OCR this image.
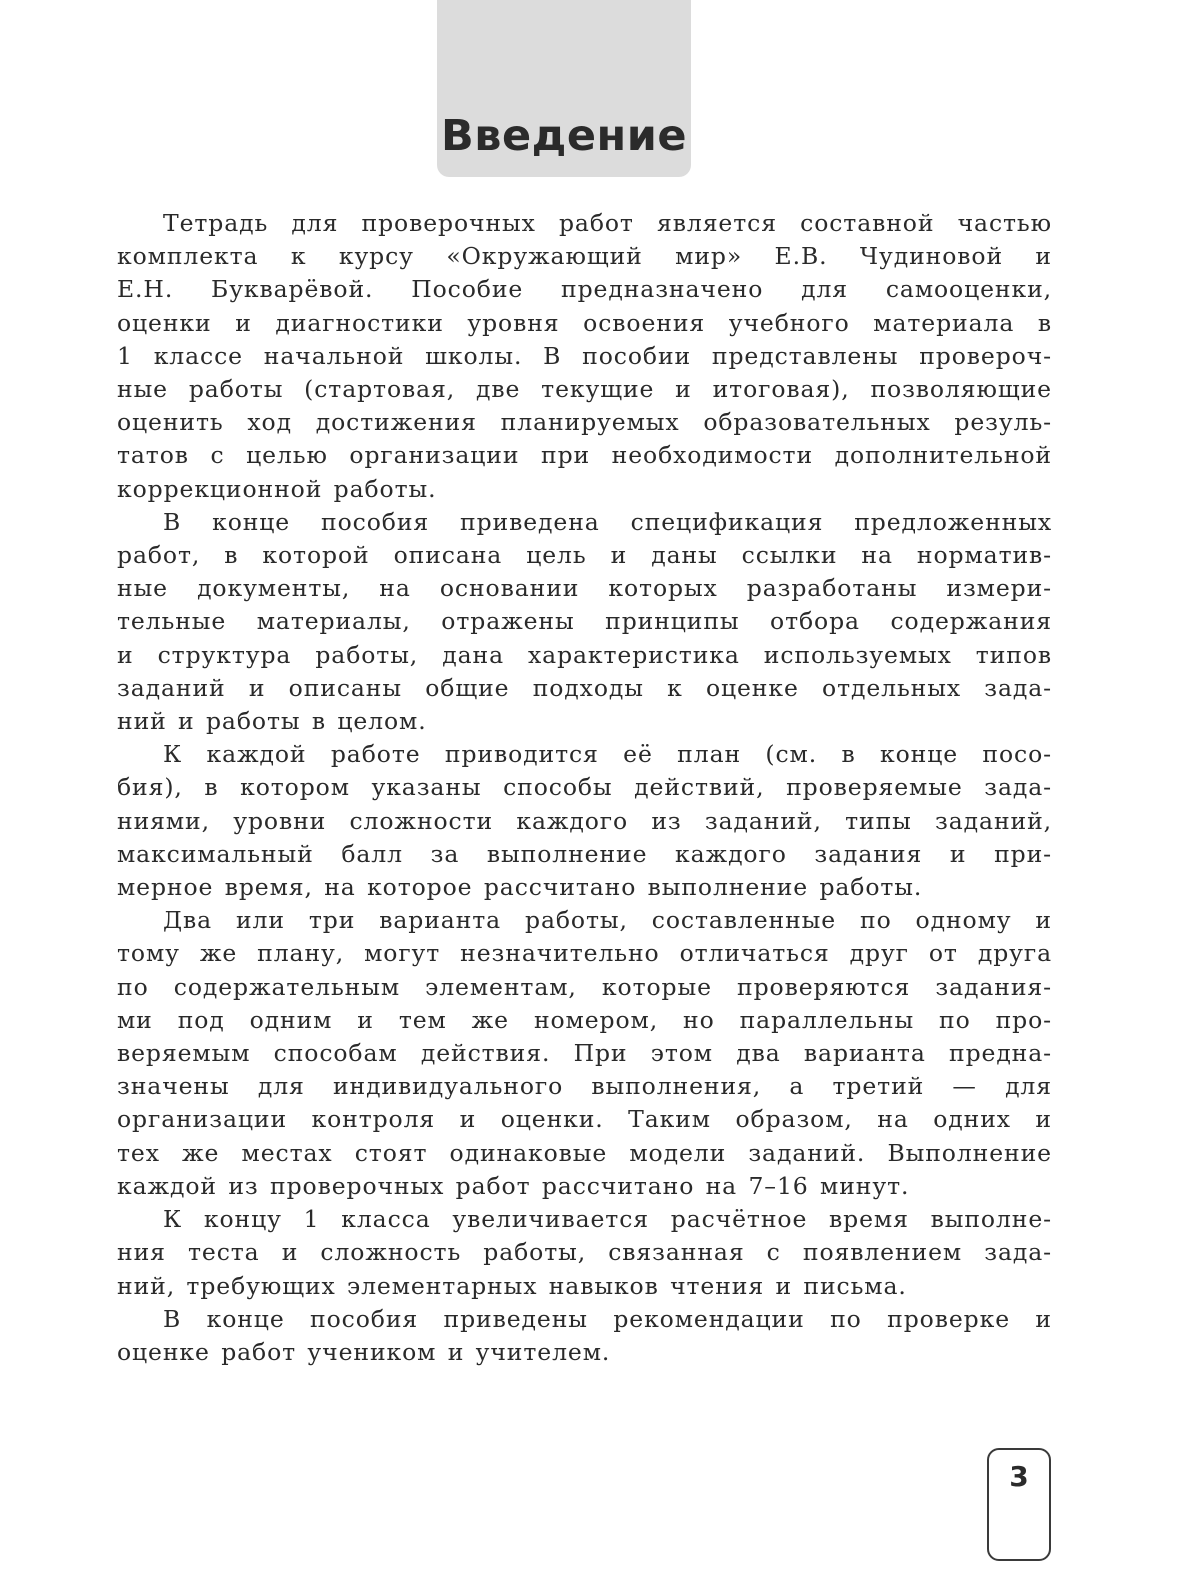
Введение

Тетрадь для проверочных работ является составной частью
комплекта к курсу «Окружающий мир» Е.В. Чудиновой и
Е.Н. Букварёвой. Пособие предназначено для самооценки,
оценки и диагностики уровня освоения учебного материала в
1 классе начальной школы. В пособии представлены провероч-
ные работы (стартовая, две текущие и итоговая), позволяющие
оценить ход достижения планируемых образовательных резуль-
татов с целью организации при необходимости дополнительной
коррекционной работы.

В конце пособия приведена спецификация предложенных
работ, в которой описана цель и даны ссылки на норматив-
ные документы, на основании которых разработаны измери-
тельные материалы, отражены принципы отбора содержания
и структура работы, дана характеристика используемых типов
заданий и описаны общие подходы к оценке отдельных зада-
ний и работы в целом.

К каждой работе приводится её план (см. в конце посо-
бия), в котором указаны способы действий, проверяемые зада-
ниями, уровни сложности каждого из заданий, типы заданий,
максимальный балл за выполнение каждого задания и при-
мерное время, на которое рассчитано выполнение работы.

Два или три варианта работы, составленные по одному и
тому же плану, могут незначительно отличаться друг от друга
по содержательным элементам, которые проверяются задания-
ми под одним и тем же номером, но параллельны по про-
веряемым способам действия. При этом два варианта предна-
значены для индивидуального выполнения, а третий — для
организации контроля и оценки. Таким образом, на одних и
тех же местах стоят одинаковые модели заданий. Выполнение
каждой из проверочных работ рассчитано на 7–16 минут.

К концу 1 класса увеличивается расчётное время выполне-
ния теста и сложность работы, связанная с появлением зада-
ний, требующих элементарных навыков чтения и письма.

В конце пособия приведены рекомендации по проверке и
оценке работ учеником и учителем.

3
